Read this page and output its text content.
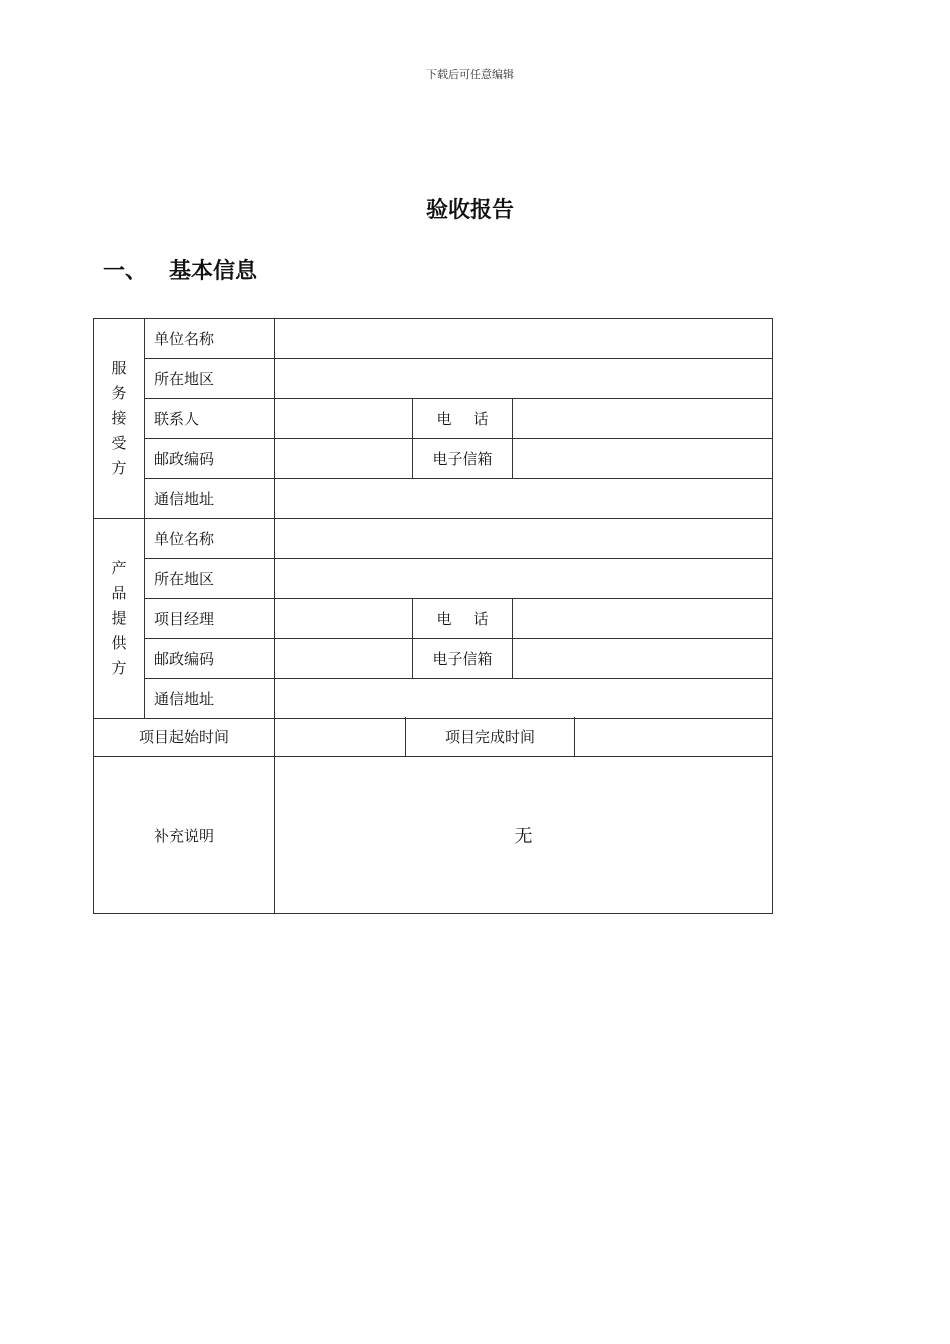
下载后可任意编辑
验收报告
一、 基本信息
服
务
接
受
方	单位名称			
	所在地区			
	联系人		电 话	
	邮政编码		电子信箱	
	通信地址			

产
品
提
供
方	单位名称			
	所在地区			
	项目经理		电 话	
	邮政编码		电子信箱	
	通信地址			
项目起始时间		项目完成时间	
补充说明	无
